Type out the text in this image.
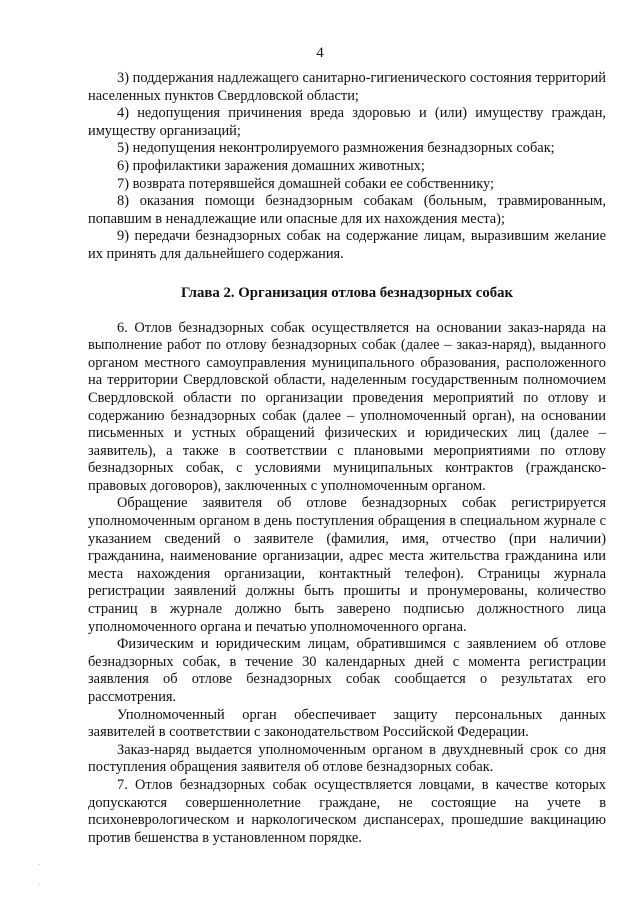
4

3) поддержания надлежащего санитарно-гигиенического состояния территорий населенных пунктов Свердловской области;

4) недопущения причинения вреда здоровью и (или) имуществу граждан, имуществу организаций;

5) недопущения неконтролируемого размножения безнадзорных собак;

6) профилактики заражения домашних животных;

7) возврата потерявшейся домашней собаки ее собственнику;

8) оказания помощи безнадзорным собакам (больным, травмированным, попавшим в ненадлежащие или опасные для их нахождения места);

9) передачи безнадзорных собак на содержание лицам, выразившим желание их принять для дальнейшего содержания.

Глава 2. Организация отлова безнадзорных собак

6. Отлов безнадзорных собак осуществляется на основании заказ-наряда на выполнение работ по отлову безнадзорных собак (далее – заказ-наряд), выданного органом местного самоуправления муниципального образования, расположенного на территории Свердловской области, наделенным государственным полномочием Свердловской области по организации проведения мероприятий по отлову и содержанию безнадзорных собак (далее – уполномоченный орган), на основании письменных и устных обращений физических и юридических лиц (далее – заявитель), а также в соответствии с плановыми мероприятиями по отлову безнадзорных собак, с условиями муниципальных контрактов (гражданско-правовых договоров), заключенных с уполномоченным органом.

Обращение заявителя об отлове безнадзорных собак регистрируется уполномоченным органом в день поступления обращения в специальном журнале с указанием сведений о заявителе (фамилия, имя, отчество (при наличии) гражданина, наименование организации, адрес места жительства гражданина или места нахождения организации, контактный телефон). Страницы журнала регистрации заявлений должны быть прошиты и пронумерованы, количество страниц в журнале должно быть заверено подписью должностного лица уполномоченного органа и печатью уполномоченного органа.

Физическим и юридическим лицам, обратившимся с заявлением об отлове безнадзорных собак, в течение 30 календарных дней с момента регистрации заявления об отлове безнадзорных собак сообщается о результатах его рассмотрения.

Уполномоченный орган обеспечивает защиту персональных данных заявителей в соответствии с законодательством Российской Федерации.

Заказ-наряд выдается уполномоченным органом в двухдневный срок со дня поступления обращения заявителя об отлове безнадзорных собак.

7. Отлов безнадзорных собак осуществляется ловцами, в качестве которых допускаются совершеннолетние граждане, не состоящие на учете в психоневрологическом и наркологическом диспансерах, прошедшие вакцинацию против бешенства в установленном порядке.

.
.
